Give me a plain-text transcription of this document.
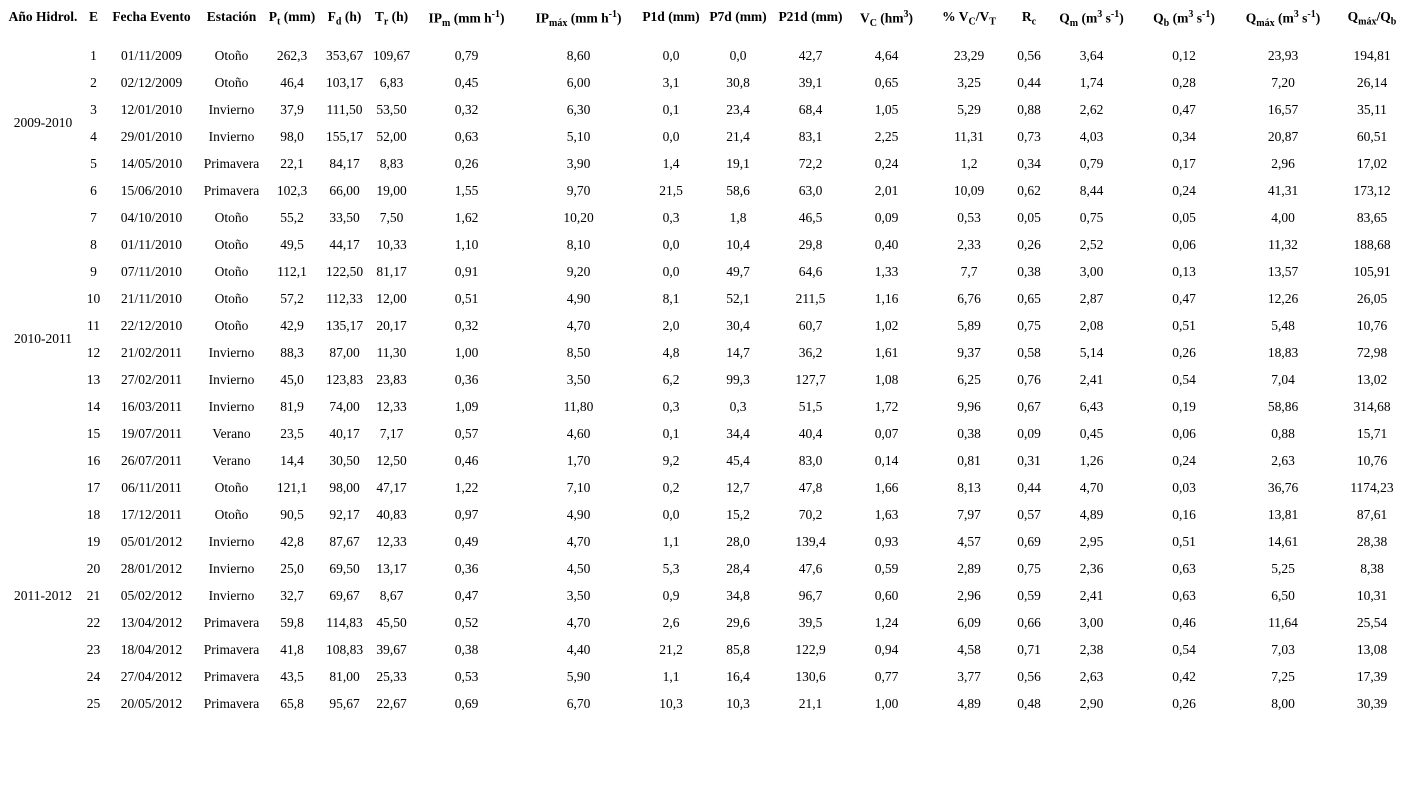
Año Hidrol.	E	Fecha Evento	Estación	$P_t$ (mm)	$F_d$ (h)	$T_r$ (h)	$IP_m$ (mm $h^{-1}$)	$IP_{máx}$ (mm $h^{-1}$)	P1d (mm)	P7d (mm)	P21d (mm)	$V_C$ $(hm^3)$	% $V_C/V_T$	$R_c$	$Q_m$ ($m^3$ $s^{-1}$)	$Q_b$ ($m^3$ $s^{-1}$)	$Q_{máx}$ ($m^3$ $s^{-1}$)	$Q_{máx}/Q_b$
2009-2010	1	01/11/2009	Otoño	262,3	353,67	109,67	0,79	8,60	0,0	0,0	42,7	4,64	23,29	0,56	3,64	0,12	23,93	194,81
	2	02/12/2009	Otoño	46,4	103,17	6,83	0,45	6,00	3,1	30,8	39,1	0,65	3,25	0,44	1,74	0,28	7,20	26,14
	3	12/01/2010	Invierno	37,9	111,50	53,50	0,32	6,30	0,1	23,4	68,4	1,05	5,29	0,88	2,62	0,47	16,57	35,11
	4	29/01/2010	Invierno	98,0	155,17	52,00	0,63	5,10	0,0	21,4	83,1	2,25	11,31	0,73	4,03	0,34	20,87	60,51
	5	14/05/2010	Primavera	22,1	84,17	8,83	0,26	3,90	1,4	19,1	72,2	0,24	1,2	0,34	0,79	0,17	2,96	17,02
	6	15/06/2010	Primavera	102,3	66,00	19,00	1,55	9,70	21,5	58,6	63,0	2,01	10,09	0,62	8,44	0,24	41,31	173,12
2010-2011	7	04/10/2010	Otoño	55,2	33,50	7,50	1,62	10,20	0,3	1,8	46,5	0,09	0,53	0,05	0,75	0,05	4,00	83,65
	8	01/11/2010	Otoño	49,5	44,17	10,33	1,10	8,10	0,0	10,4	29,8	0,40	2,33	0,26	2,52	0,06	11,32	188,68
	9	07/11/2010	Otoño	112,1	122,50	81,17	0,91	9,20	0,0	49,7	64,6	1,33	7,7	0,38	3,00	0,13	13,57	105,91
	10	21/11/2010	Otoño	57,2	112,33	12,00	0,51	4,90	8,1	52,1	211,5	1,16	6,76	0,65	2,87	0,47	12,26	26,05
	11	22/12/2010	Otoño	42,9	135,17	20,17	0,32	4,70	2,0	30,4	60,7	1,02	5,89	0,75	2,08	0,51	5,48	10,76
	12	21/02/2011	Invierno	88,3	87,00	11,30	1,00	8,50	4,8	14,7	36,2	1,61	9,37	0,58	5,14	0,26	18,83	72,98
	13	27/02/2011	Invierno	45,0	123,83	23,83	0,36	3,50	6,2	99,3	127,7	1,08	6,25	0,76	2,41	0,54	7,04	13,02
	14	16/03/2011	Invierno	81,9	74,00	12,33	1,09	11,80	0,3	0,3	51,5	1,72	9,96	0,67	6,43	0,19	58,86	314,68
	15	19/07/2011	Verano	23,5	40,17	7,17	0,57	4,60	0,1	34,4	40,4	0,07	0,38	0,09	0,45	0,06	0,88	15,71
	16	26/07/2011	Verano	14,4	30,50	12,50	0,46	1,70	9,2	45,4	83,0	0,14	0,81	0,31	1,26	0,24	2,63	10,76
2011-2012	17	06/11/2011	Otoño	121,1	98,00	47,17	1,22	7,10	0,2	12,7	47,8	1,66	8,13	0,44	4,70	0,03	36,76	1174,23
	18	17/12/2011	Otoño	90,5	92,17	40,83	0,97	4,90	0,0	15,2	70,2	1,63	7,97	0,57	4,89	0,16	13,81	87,61
	19	05/01/2012	Invierno	42,8	87,67	12,33	0,49	4,70	1,1	28,0	139,4	0,93	4,57	0,69	2,95	0,51	14,61	28,38
	20	28/01/2012	Invierno	25,0	69,50	13,17	0,36	4,50	5,3	28,4	47,6	0,59	2,89	0,75	2,36	0,63	5,25	8,38
	21	05/02/2012	Invierno	32,7	69,67	8,67	0,47	3,50	0,9	34,8	96,7	0,60	2,96	0,59	2,41	0,63	6,50	10,31
	22	13/04/2012	Primavera	59,8	114,83	45,50	0,52	4,70	2,6	29,6	39,5	1,24	6,09	0,66	3,00	0,46	11,64	25,54
	23	18/04/2012	Primavera	41,8	108,83	39,67	0,38	4,40	21,2	85,8	122,9	0,94	4,58	0,71	2,38	0,54	7,03	13,08
	24	27/04/2012	Primavera	43,5	81,00	25,33	0,53	5,90	1,1	16,4	130,6	0,77	3,77	0,56	2,63	0,42	7,25	17,39
	25	20/05/2012	Primavera	65,8	95,67	22,67	0,69	6,70	10,3	10,3	21,1	1,00	4,89	0,48	2,90	0,26	8,00	30,39
